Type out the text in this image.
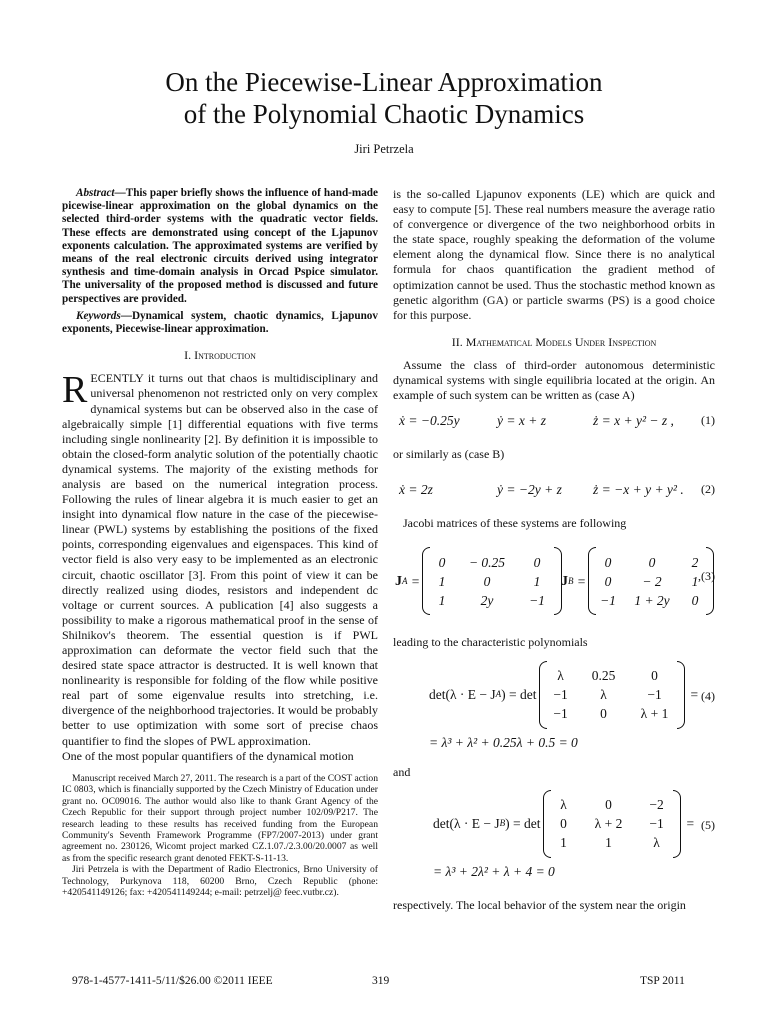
On the Piecewise-Linear Approximation
of the Polynomial Chaotic Dynamics
Jiri Petrzela

Abstract—This paper briefly shows the influence of hand-made picewise-linear approximation on the global dynamics on the selected third-order systems with the quadratic vector fields. These effects are demonstrated using concept of the Ljapunov exponents calculation. The approximated systems are verified by means of the real electronic circuits derived using integrator synthesis and time-domain analysis in Orcad Pspice simulator. The universality of the proposed method is discussed and future perspectives are provided.

Keywords—Dynamical system, chaotic dynamics, Ljapunov exponents, Piecewise-linear approximation.

I. Introduction

RECENTLY it turns out that chaos is multidisciplinary and universal phenomenon not restricted only on very complex dynamical systems but can be observed also in the case of algebraically simple [1] differential equations with five terms including single nonlinearity [2]. By definition it is impossible to obtain the closed-form analytic solution of the potentially chaotic dynamical systems. The majority of the existing methods for analysis are based on the numerical integration process. Following the rules of linear algebra it is much easier to get an insight into dynamical flow nature in the case of the piecewise-linear (PWL) systems by establishing the positions of the fixed points, corresponding eigenvalues and eigenspaces. This kind of vector field is also very easy to be implemented as an electronic circuit, chaotic oscillator [3]. From this point of view it can be directly realized using diodes, resistors and independent dc voltage or current sources. A publication [4] also suggests a possibility to make a rigorous mathematical proof in the sense of Shilnikov's theorem. The essential question is if PWL approximation can deformate the vector field such that the desired state space attractor is destructed. It is well known that nonlinearity is responsible for folding of the flow while positive real part of some eigenvalue results into stretching, i.e. divergence of the neighborhood trajectories. It would be probably better to use optimization with some sort of precise chaos quantifier to find the slopes of PWL approximation.

One of the most popular quantifiers of the dynamical motion

Manuscript received March 27, 2011. The research is a part of the COST action IC 0803, which is financially supported by the Czech Ministry of Education under grant no. OC09016. The author would also like to thank Grant Agency of the Czech Republic for their support through project number 102/09/P217. The research leading to these results has received funding from the European Community's Seventh Framework Programme (FP7/2007-2013) under grant agreement no. 230126, Wicomt project marked CZ.1.07./2.3.00/20.0007 as well as from the specific research grant denoted FEKT-S-11-13.

Jiri Petrzela is with the Department of Radio Electronics, Brno University of Technology, Purkynova 118, 60200 Brno, Czech Republic (phone: +420541149126; fax: +420541149244; e-mail: petrzelj@ feec.vutbr.cz).

is the so-called Ljapunov exponents (LE) which are quick and easy to compute [5]. These real numbers measure the average ratio of convergence or divergence of the two neighborhood orbits in the state space, roughly speaking the deformation of the volume element along the dynamical flow. Since there is no analytical formula for chaos quantification the gradient method of optimization cannot be used. Thus the stochastic method known as genetic algorithm (GA) or particle swarms (PS) is a good choice for this purpose.

II. Mathematical Models Under Inspection

Assume the class of third-order autonomous deterministic dynamical systems with single equilibria located at the origin. An example of such system can be written as (case A)

ẋ = −0.25y	ẏ = x + z	ż = x + y² − z , (1)

or similarly as (case B)

ẋ = 2z	ẏ = −2y + z ż = −x + y + y² . (2)

Jacobi matrices of these systems are following

J A =
0	− 0.25	0
1	0	1
1	2y	−1
J B =
0	0	2
0	− 2	1
−1 1 + 2y	0
,(3)

leading to the characteristic polynomials

det(λ · E − J A ) = det
λ	0.25	0
−1	λ	−1
−1	0	λ + 1
= (4)
= λ³ + λ² + 0.25λ + 0.5 = 0

and

det(λ · E − J B ) = det
λ	0	−2
0	λ + 2	−1
1	1	λ
= (5)
= λ³ + 2λ² + λ + 4 = 0

respectively. The local behavior of the system near the origin

978-1-4577-1411-5/11/$26.00 ©2011 IEEE	319	TSP 2011
